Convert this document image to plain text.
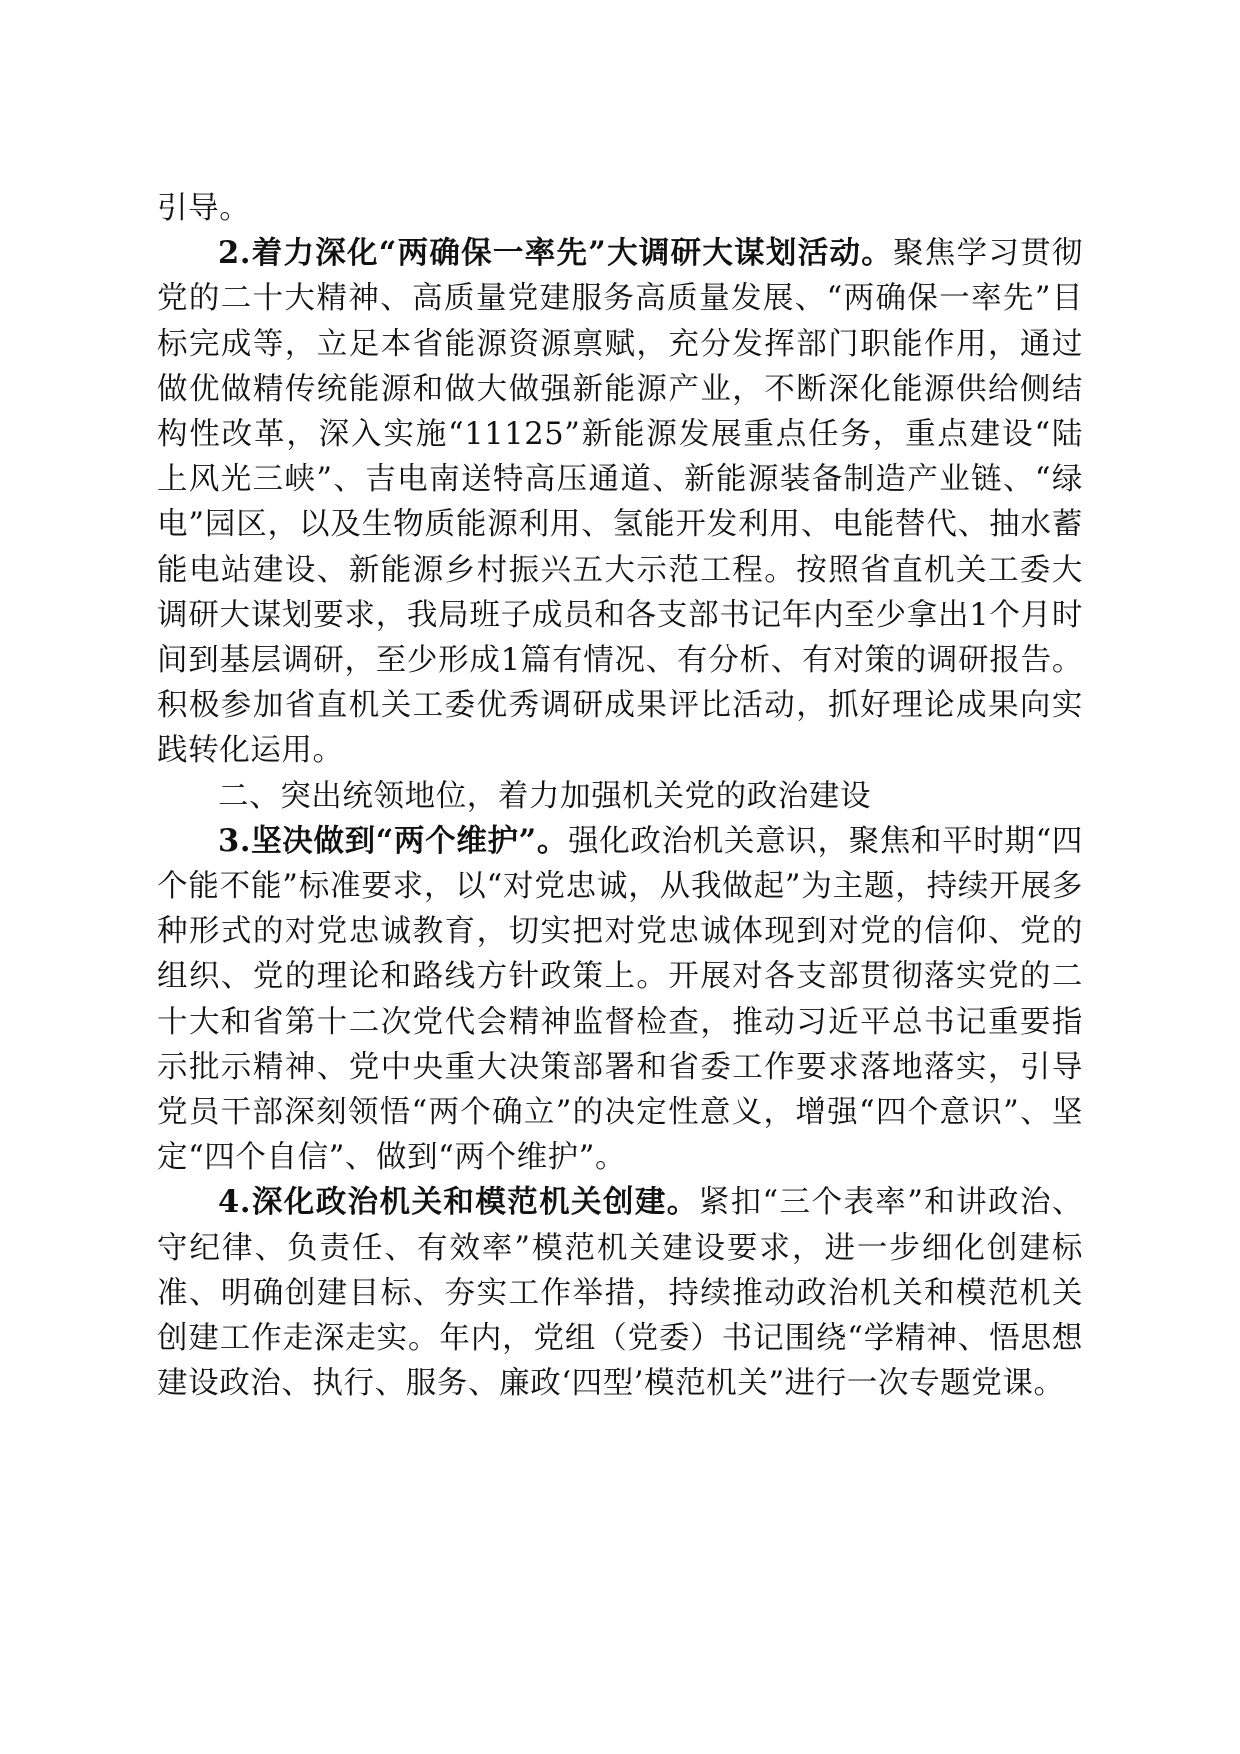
引导。

2.着力深化“两确保一率先”大调研大谋划活动。聚焦学习贯彻党的二十大精神、高质量党建服务高质量发展、“两确保一率先”目标完成等，立足本省能源资源禀赋，充分发挥部门职能作用，通过做优做精传统能源和做大做强新能源产业，不断深化能源供给侧结构性改革，深入实施“11125”新能源发展重点任务，重点建设“陆上风光三峡”、吉电南送特高压通道、新能源装备制造产业链、“绿电”园区，以及生物质能源利用、氢能开发利用、电能替代、抽水蓄能电站建设、新能源乡村振兴五大示范工程。按照省直机关工委大调研大谋划要求，我局班子成员和各支部书记年内至少拿出1个月时间到基层调研，至少形成1篇有情况、有分析、有对策的调研报告。积极参加省直机关工委优秀调研成果评比活动，抓好理论成果向实践转化运用。

二、突出统领地位，着力加强机关党的政治建设

3.坚决做到“两个维护”。强化政治机关意识，聚焦和平时期“四个能不能”标准要求，以“对党忠诚，从我做起”为主题，持续开展多种形式的对党忠诚教育，切实把对党忠诚体现到对党的信仰、党的组织、党的理论和路线方针政策上。开展对各支部贯彻落实党的二十大和省第十二次党代会精神监督检查，推动习近平总书记重要指示批示精神、党中央重大决策部署和省委工作要求落地落实，引导党员干部深刻领悟“两个确立”的决定性意义，增强“四个意识”、坚定“四个自信”、做到“两个维护”。

4.深化政治机关和模范机关创建。紧扣“三个表率”和讲政治、守纪律、负责任、有效率”模范机关建设要求，进一步细化创建标准、明确创建目标、夯实工作举措，持续推动政治机关和模范机关创建工作走深走实。年内，党组（党委）书记围绕“学精神、悟思想建设政治、执行、服务、廉政‘四型’模范机关”进行一次专题党课。
